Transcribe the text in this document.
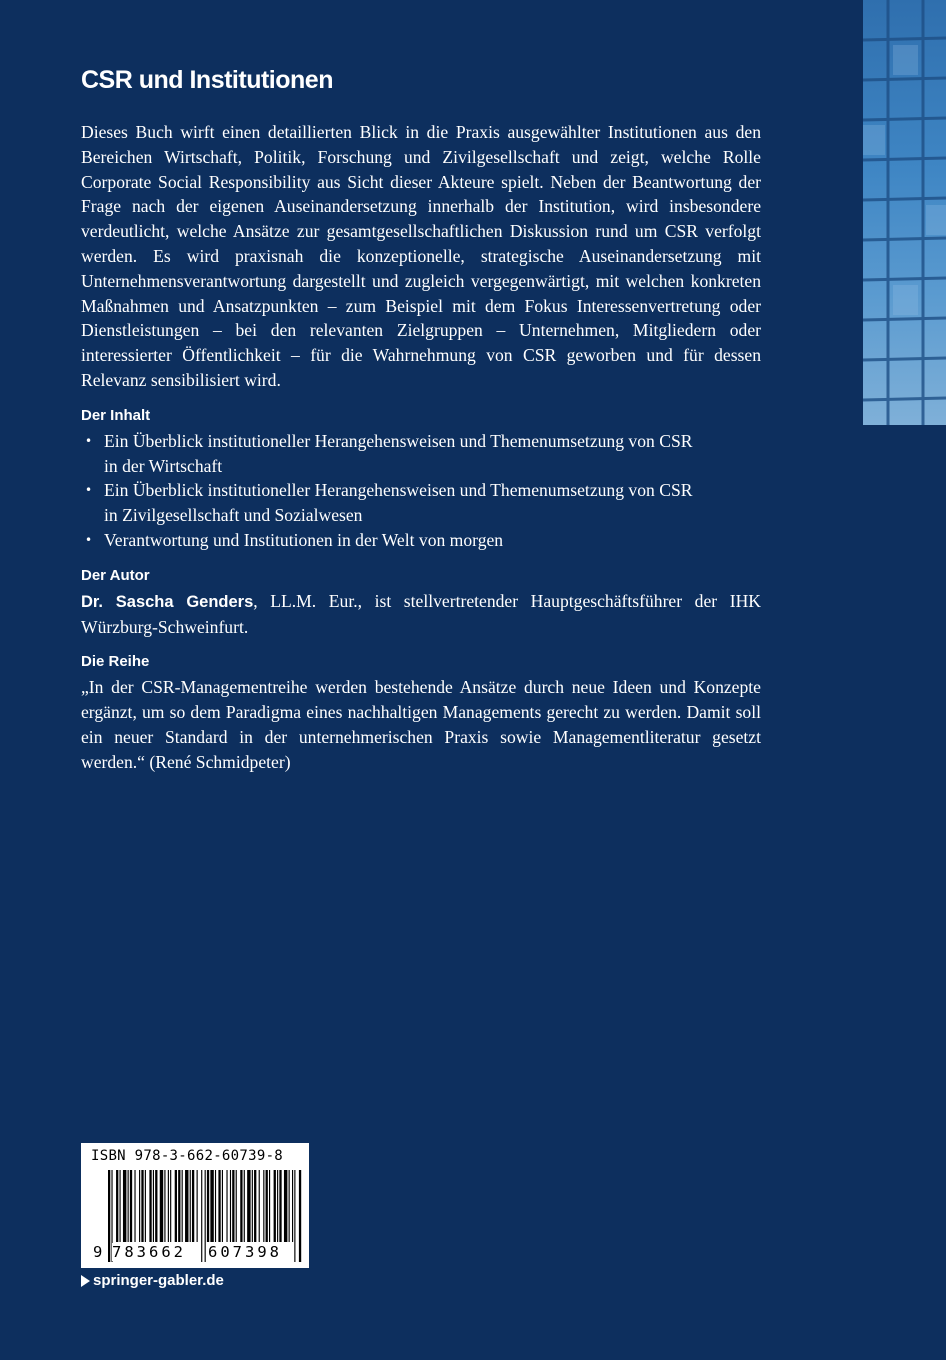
CSR und Institutionen

Dieses Buch wirft einen detaillierten Blick in die Praxis ausgewählter Institutionen aus den Bereichen Wirtschaft, Politik, Forschung und Zivilgesellschaft und zeigt, welche Rolle Corporate Social Responsibility aus Sicht dieser Akteure spielt. Neben der Beantwortung der Frage nach der eigenen Auseinandersetzung innerhalb der Institution, wird insbesondere verdeutlicht, welche Ansätze zur gesamtgesellschaftlichen Diskussion rund um CSR verfolgt werden. Es wird praxisnah die konzeptionelle, strategische Auseinandersetzung mit Unternehmensverantwortung dargestellt und zugleich vergegenwärtigt, mit welchen konkreten Maßnahmen und Ansatzpunkten – zum Beispiel mit dem Fokus Interessenvertretung oder Dienstleistungen – bei den relevanten Zielgruppen – Unternehmen, Mitgliedern oder interessierter Öffentlichkeit – für die Wahrnehmung von CSR geworben und für dessen Relevanz sensibilisiert wird.

Der Inhalt
• Ein Überblick institutioneller Herangehensweisen und Themenumsetzung von CSR in der Wirtschaft
• Ein Überblick institutioneller Herangehensweisen und Themenumsetzung von CSR in Zivilgesellschaft und Sozialwesen
• Verantwortung und Institutionen in der Welt von morgen
Der Autor

Dr. Sascha Genders, LL.M. Eur., ist stellvertretender Hauptgeschäftsführer der IHK Würzburg-Schweinfurt.

Die Reihe

„In der CSR-Managementreihe werden bestehende Ansätze durch neue Ideen und Konzepte ergänzt, um so dem Paradigma eines nachhaltigen Managements gerecht zu werden. Damit soll ein neuer Standard in der unternehmerischen Praxis sowie Managementliteratur gesetzt werden.“ (René Schmidpeter)

ISBN 978-3-662-60739-8
9 783662 607398
springer-gabler.de
